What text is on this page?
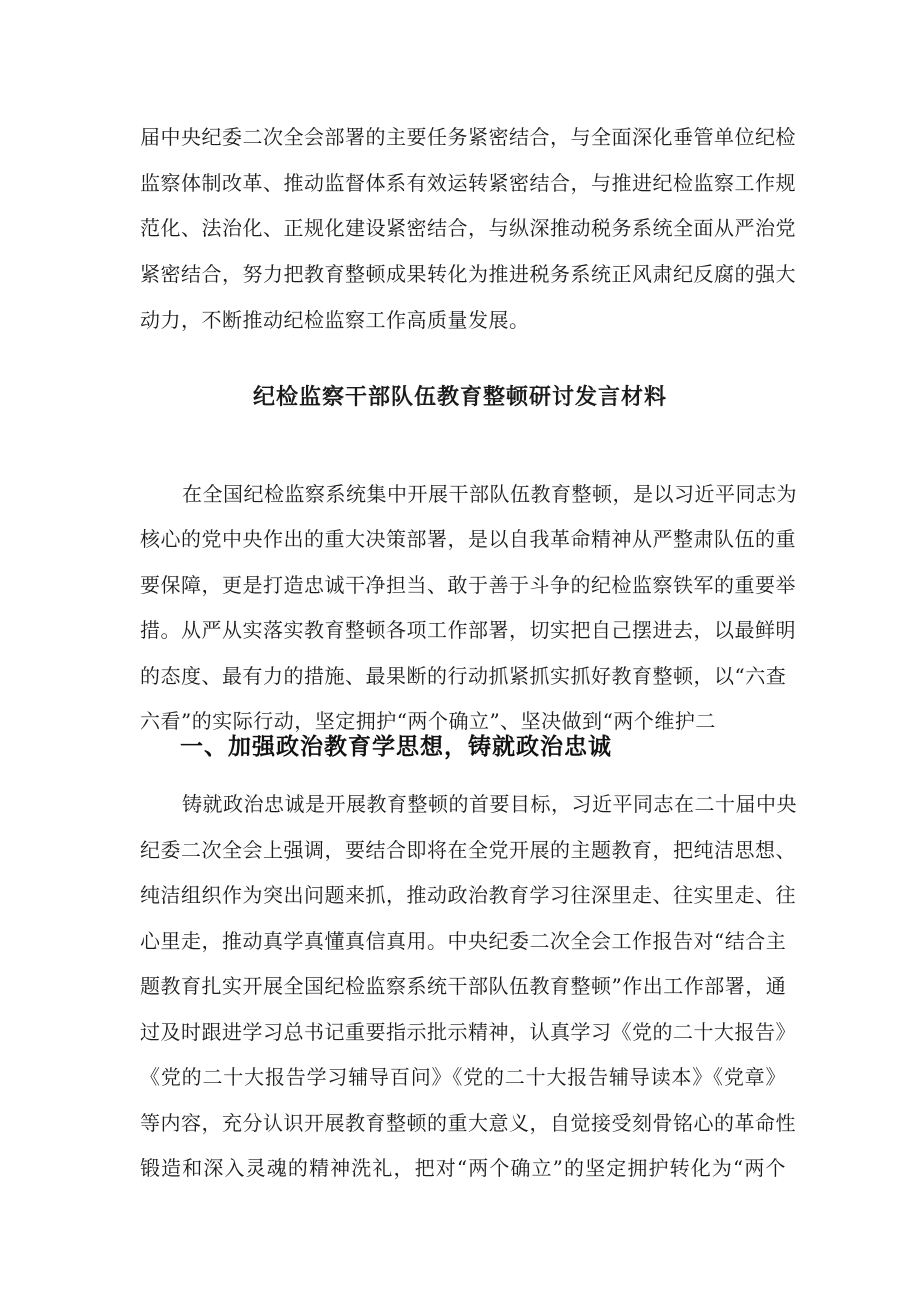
届中央纪委二次全会部署的主要任务紧密结合，与全面深化垂管单位纪检
监察体制改革、推动监督体系有效运转紧密结合，与推进纪检监察工作规
范化、法治化、正规化建设紧密结合，与纵深推动税务系统全面从严治党
紧密结合，努力把教育整顿成果转化为推进税务系统正风肃纪反腐的强大
动力，不断推动纪检监察工作高质量发展。
纪检监察干部队伍教育整顿研讨发言材料
在全国纪检监察系统集中开展干部队伍教育整顿，是以习近平同志为
核心的党中央作出的重大决策部署，是以自我革命精神从严整肃队伍的重
要保障，更是打造忠诚干净担当、敢于善于斗争的纪检监察铁军的重要举
措。从严从实落实教育整顿各项工作部署，切实把自己摆进去，以最鲜明
的态度、最有力的措施、最果断的行动抓紧抓实抓好教育整顿，以“六查
六看”的实际行动，坚定拥护“两个确立”、坚决做到“两个维护二
一、加强政治教育学思想，铸就政治忠诚
铸就政治忠诚是开展教育整顿的首要目标，习近平同志在二十届中央
纪委二次全会上强调，要结合即将在全党开展的主题教育，把纯洁思想、
纯洁组织作为突出问题来抓，推动政治教育学习往深里走、往实里走、往
心里走，推动真学真懂真信真用。中央纪委二次全会工作报告对“结合主
题教育扎实开展全国纪检监察系统干部队伍教育整顿”作出工作部署，通
过及时跟进学习总书记重要指示批示精神，认真学习《党的二十大报告》
《党的二十大报告学习辅导百问》《党的二十大报告辅导读本》《党章》
等内容，充分认识开展教育整顿的重大意义，自觉接受刻骨铭心的革命性
锻造和深入灵魂的精神洗礼，把对“两个确立”的坚定拥护转化为“两个
